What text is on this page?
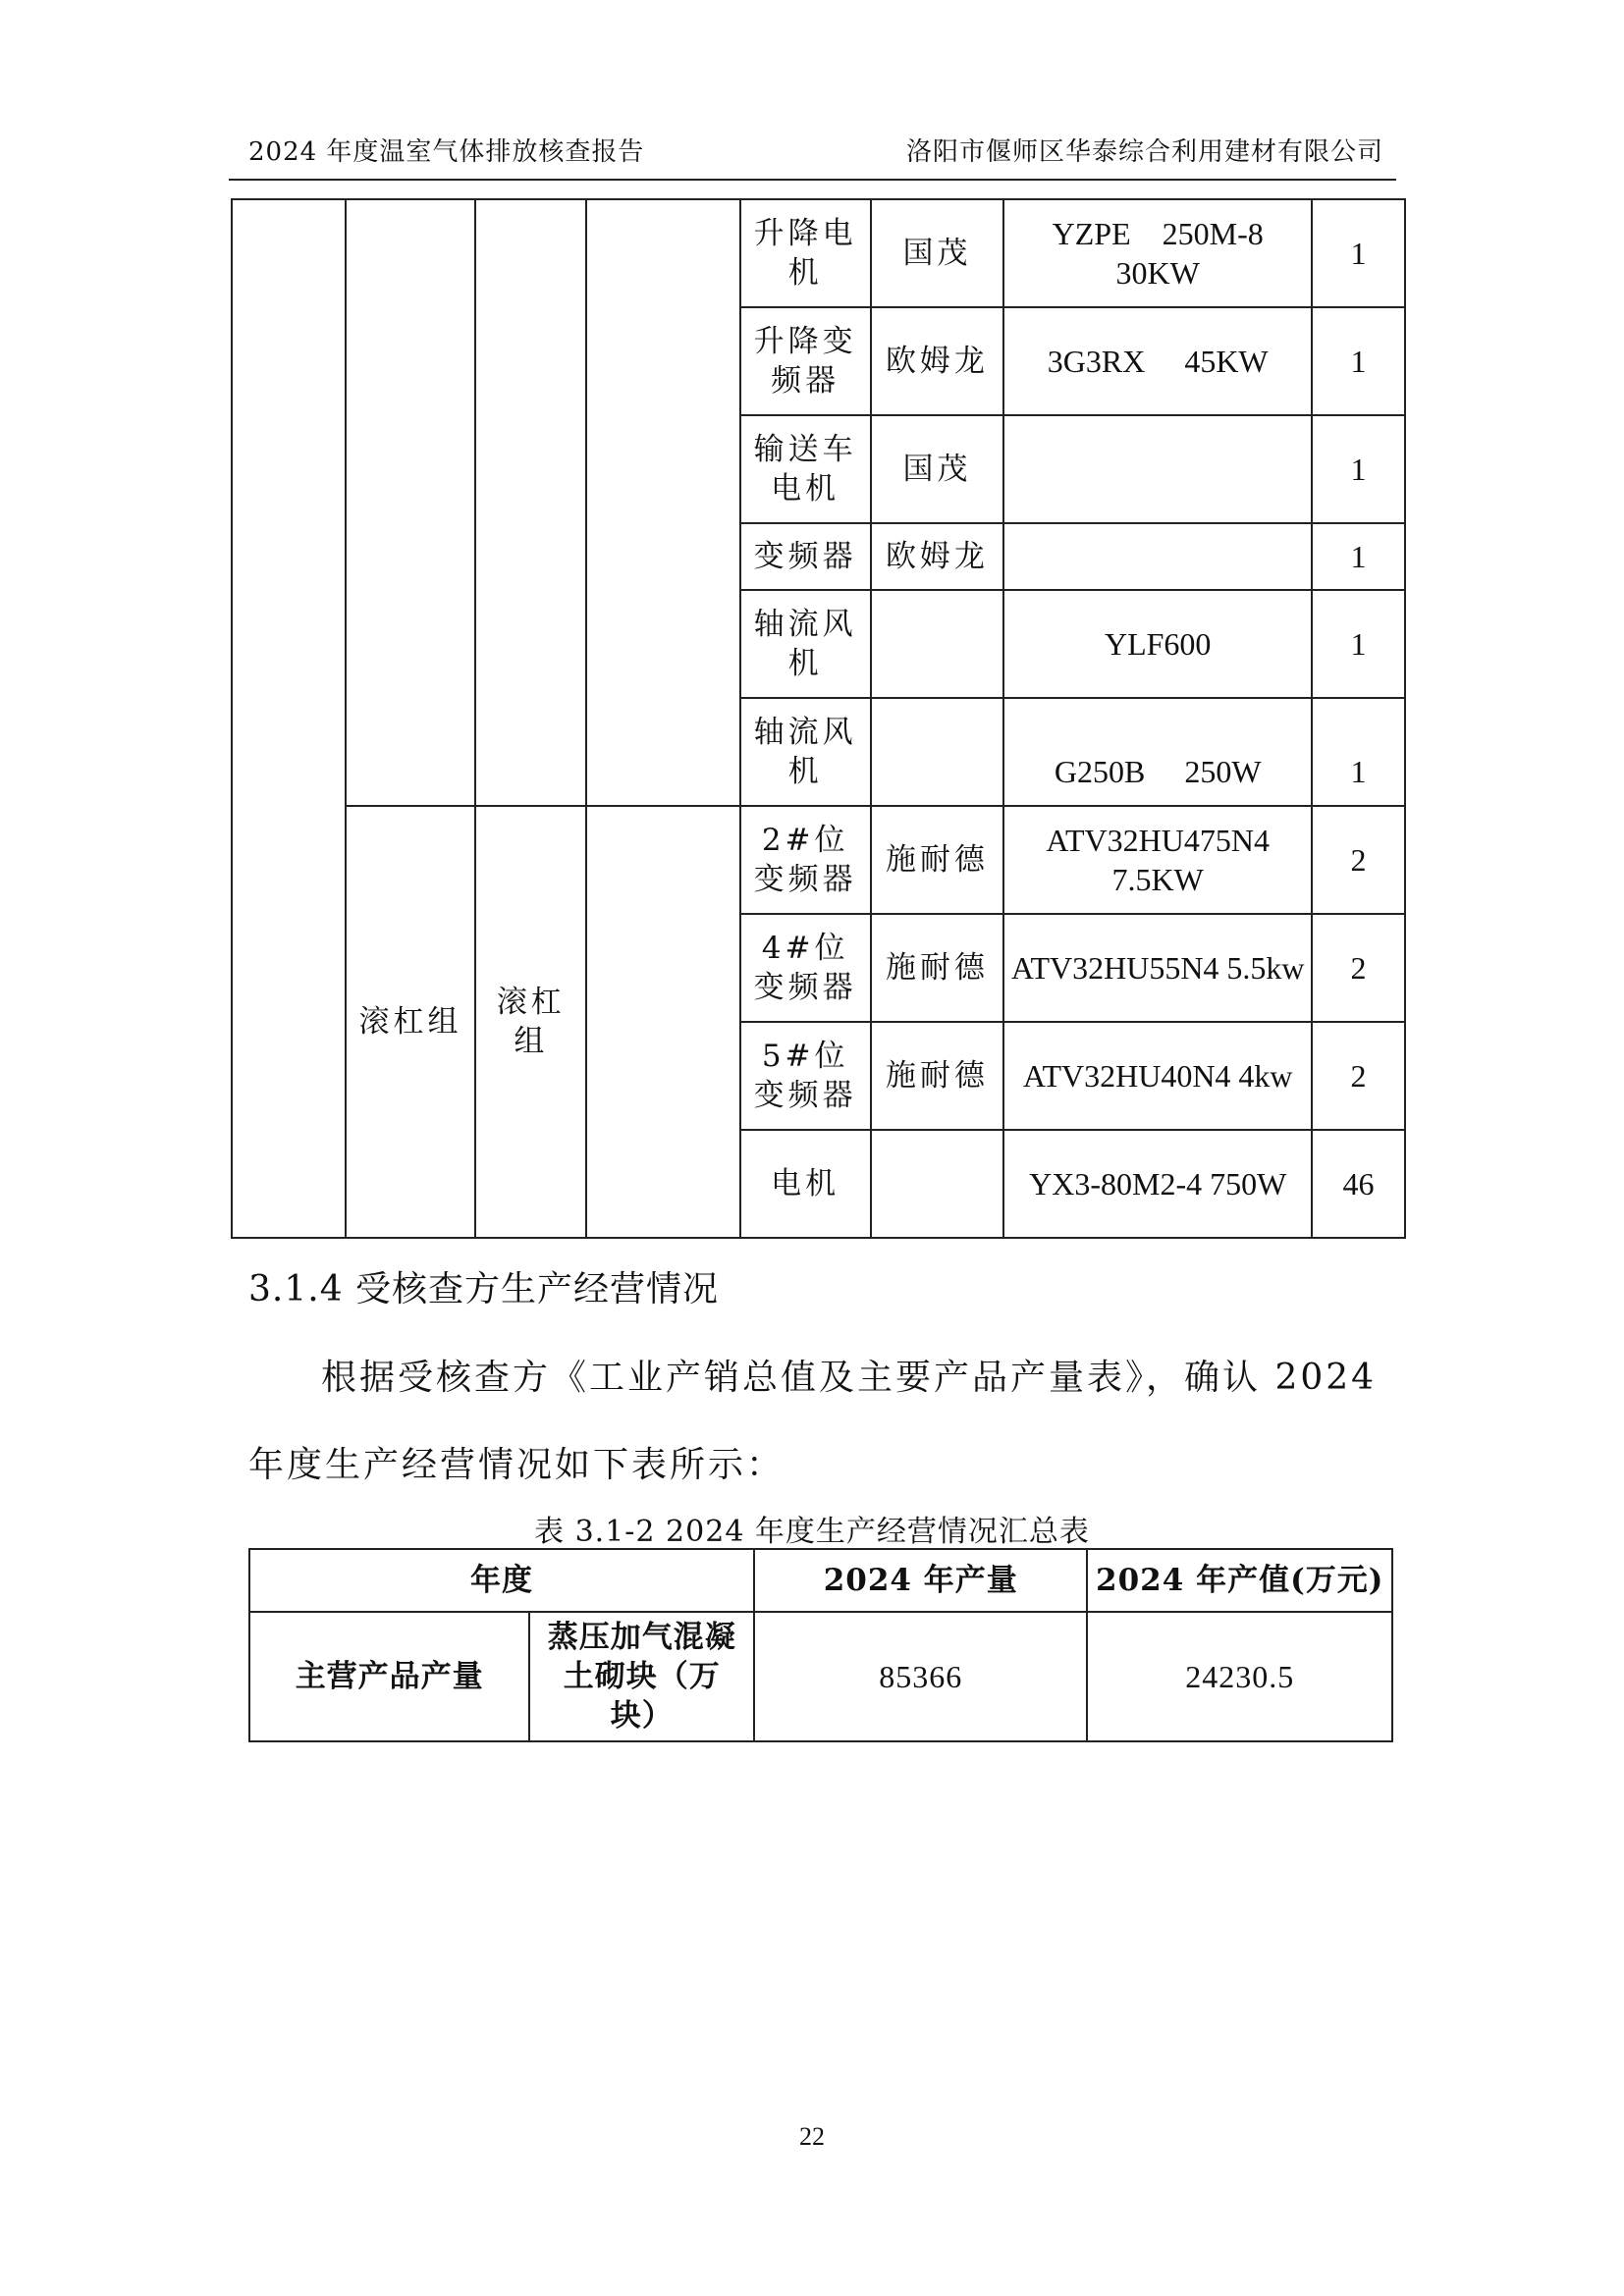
2024 年度温室气体排放核查报告	洛阳市偃师区华泰综合利用建材有限公司
				升降电机	国茂	YZPE　250M-8 30KW	1
				升降变频器	欧姆龙	3G3RX　 45KW	1
				输送车电机	国茂		1
				变频器	欧姆龙		1
				轴流风机		YLF600	1
				轴流风机		G250B　 250W	1
	滚杠组	滚杠组		2#位变频器	施耐德	ATV32HU475N4 7.5KW	2
				4#位变频器	施耐德	ATV32HU55N4 5.5kw	2
				5#位变频器	施耐德	ATV32HU40N4 4kw	2
				电机		YX3-80M2-4 750W	46
3.1.4 受核查方生产经营情况
根据受核查方《工业产销总值及主要产品产量表》，确认 2024
年度生产经营情况如下表所示：
表 3.1-2 2024 年度生产经营情况汇总表
年度		2024 年产量	2024 年产值(万元)
主营产品产量	蒸压加气混凝土砌块（万块）	85366	24230.5
22
